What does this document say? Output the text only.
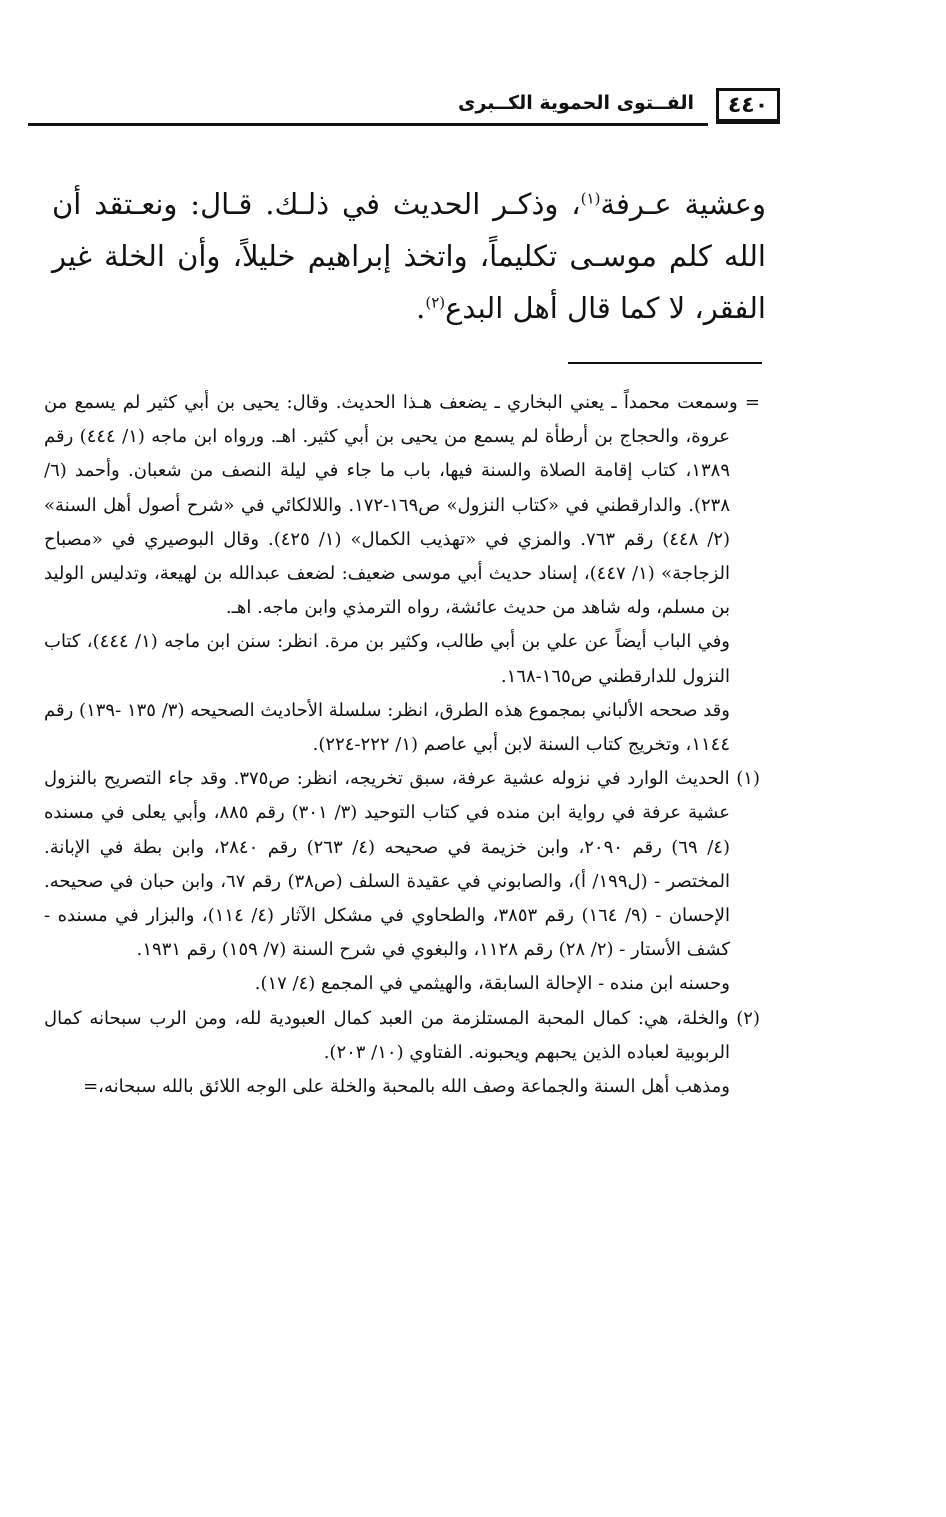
٤٤٠
الفــتوى الحموية الكــبرى

وعشية عـرفة$^{(١)}$، وذكـر الحديث في ذلـك. قـال: ونعـتقد أن الله كلم موسـى تكليماً، واتخذ إبراهيم خليلاً، وأن الخلة غير الفقر، لا كما قال أهل البدع$^{(٢)}$.

= وسمعت محمداً ـ يعني البخاري ـ يضعف هـذا الحديث. وقال: يحيى بن أبي كثير لم يسمع من عروة، والحجاج بن أرطأة لم يسمع من يحيى بن أبي كثير. اهـ. ورواه ابن ماجه (١/ ٤٤٤) رقم ١٣٨٩، كتاب إقامة الصلاة والسنة فيها، باب ما جاء في ليلة النصف من شعبان. وأحمد (٦/ ٢٣٨). والدارقطني في «كتاب النزول» ص١٦٩-١٧٢. واللالكائي في «شرح أصول أهل السنة» (٢/ ٤٤٨) رقم ٧٦٣. والمزي في «تهذيب الكمال» (١/ ٤٢٥). وقال البوصيري في «مصباح الزجاجة» (١/ ٤٤٧)، إسناد حديث أبي موسى ضعيف: لضعف عبدالله بن لهيعة، وتدليس الوليد بن مسلم، وله شاهد من حديث عائشة، رواه الترمذي وابن ماجه. اهـ.

وفي الباب أيضاً عن علي بن أبي طالب، وكثير بن مرة. انظر: سنن ابن ماجه (١/ ٤٤٤)، كتاب النزول للدارقطني ص١٦٥-١٦٨.

وقد صححه الألباني بمجموع هذه الطرق، انظر: سلسلة الأحاديث الصحيحه (٣/ ١٣٥ -١٣٩) رقم ١١٤٤، وتخريج كتاب السنة لابن أبي عاصم (١/ ٢٢٢-٢٢٤).

(١) الحديث الوارد في نزوله عشية عرفة، سبق تخريجه، انظر: ص٣٧٥. وقد جاء التصريح بالنزول عشية عرفة في رواية ابن منده في كتاب التوحيد (٣/ ٣٠١) رقم ٨٨٥، وأبي يعلى في مسنده (٤/ ٦٩) رقم ٢٠٩٠، وابن خزيمة في صحيحه (٤/ ٢٦٣) رقم ٢٨٤٠، وابن بطة في الإبانة. المختصر - (ل١٩٩/ أ)، والصابوني في عقيدة السلف (ص٣٨) رقم ٦٧، وابن حبان في صحيحه. الإحسان - (٩/ ١٦٤) رقم ٣٨٥٣، والطحاوي في مشكل الآثار (٤/ ١١٤)، والبزار في مسنده - كشف الأستار - (٢/ ٢٨) رقم ١١٢٨، والبغوي في شرح السنة (٧/ ١٥٩) رقم ١٩٣١.

وحسنه ابن منده - الإحالة السابقة، والهيثمي في المجمع (٤/ ١٧).

(٢) والخلة، هي: كمال المحبة المستلزمة من العبد كمال العبودية لله، ومن الرب سبحانه كمال الربوبية لعباده الذين يحبهم ويحبونه. الفتاوي (١٠/ ٢٠٣).

ومذهب أهل السنة والجماعة وصف الله بالمحبة والخلة على الوجه اللائق بالله سبحانه،=
